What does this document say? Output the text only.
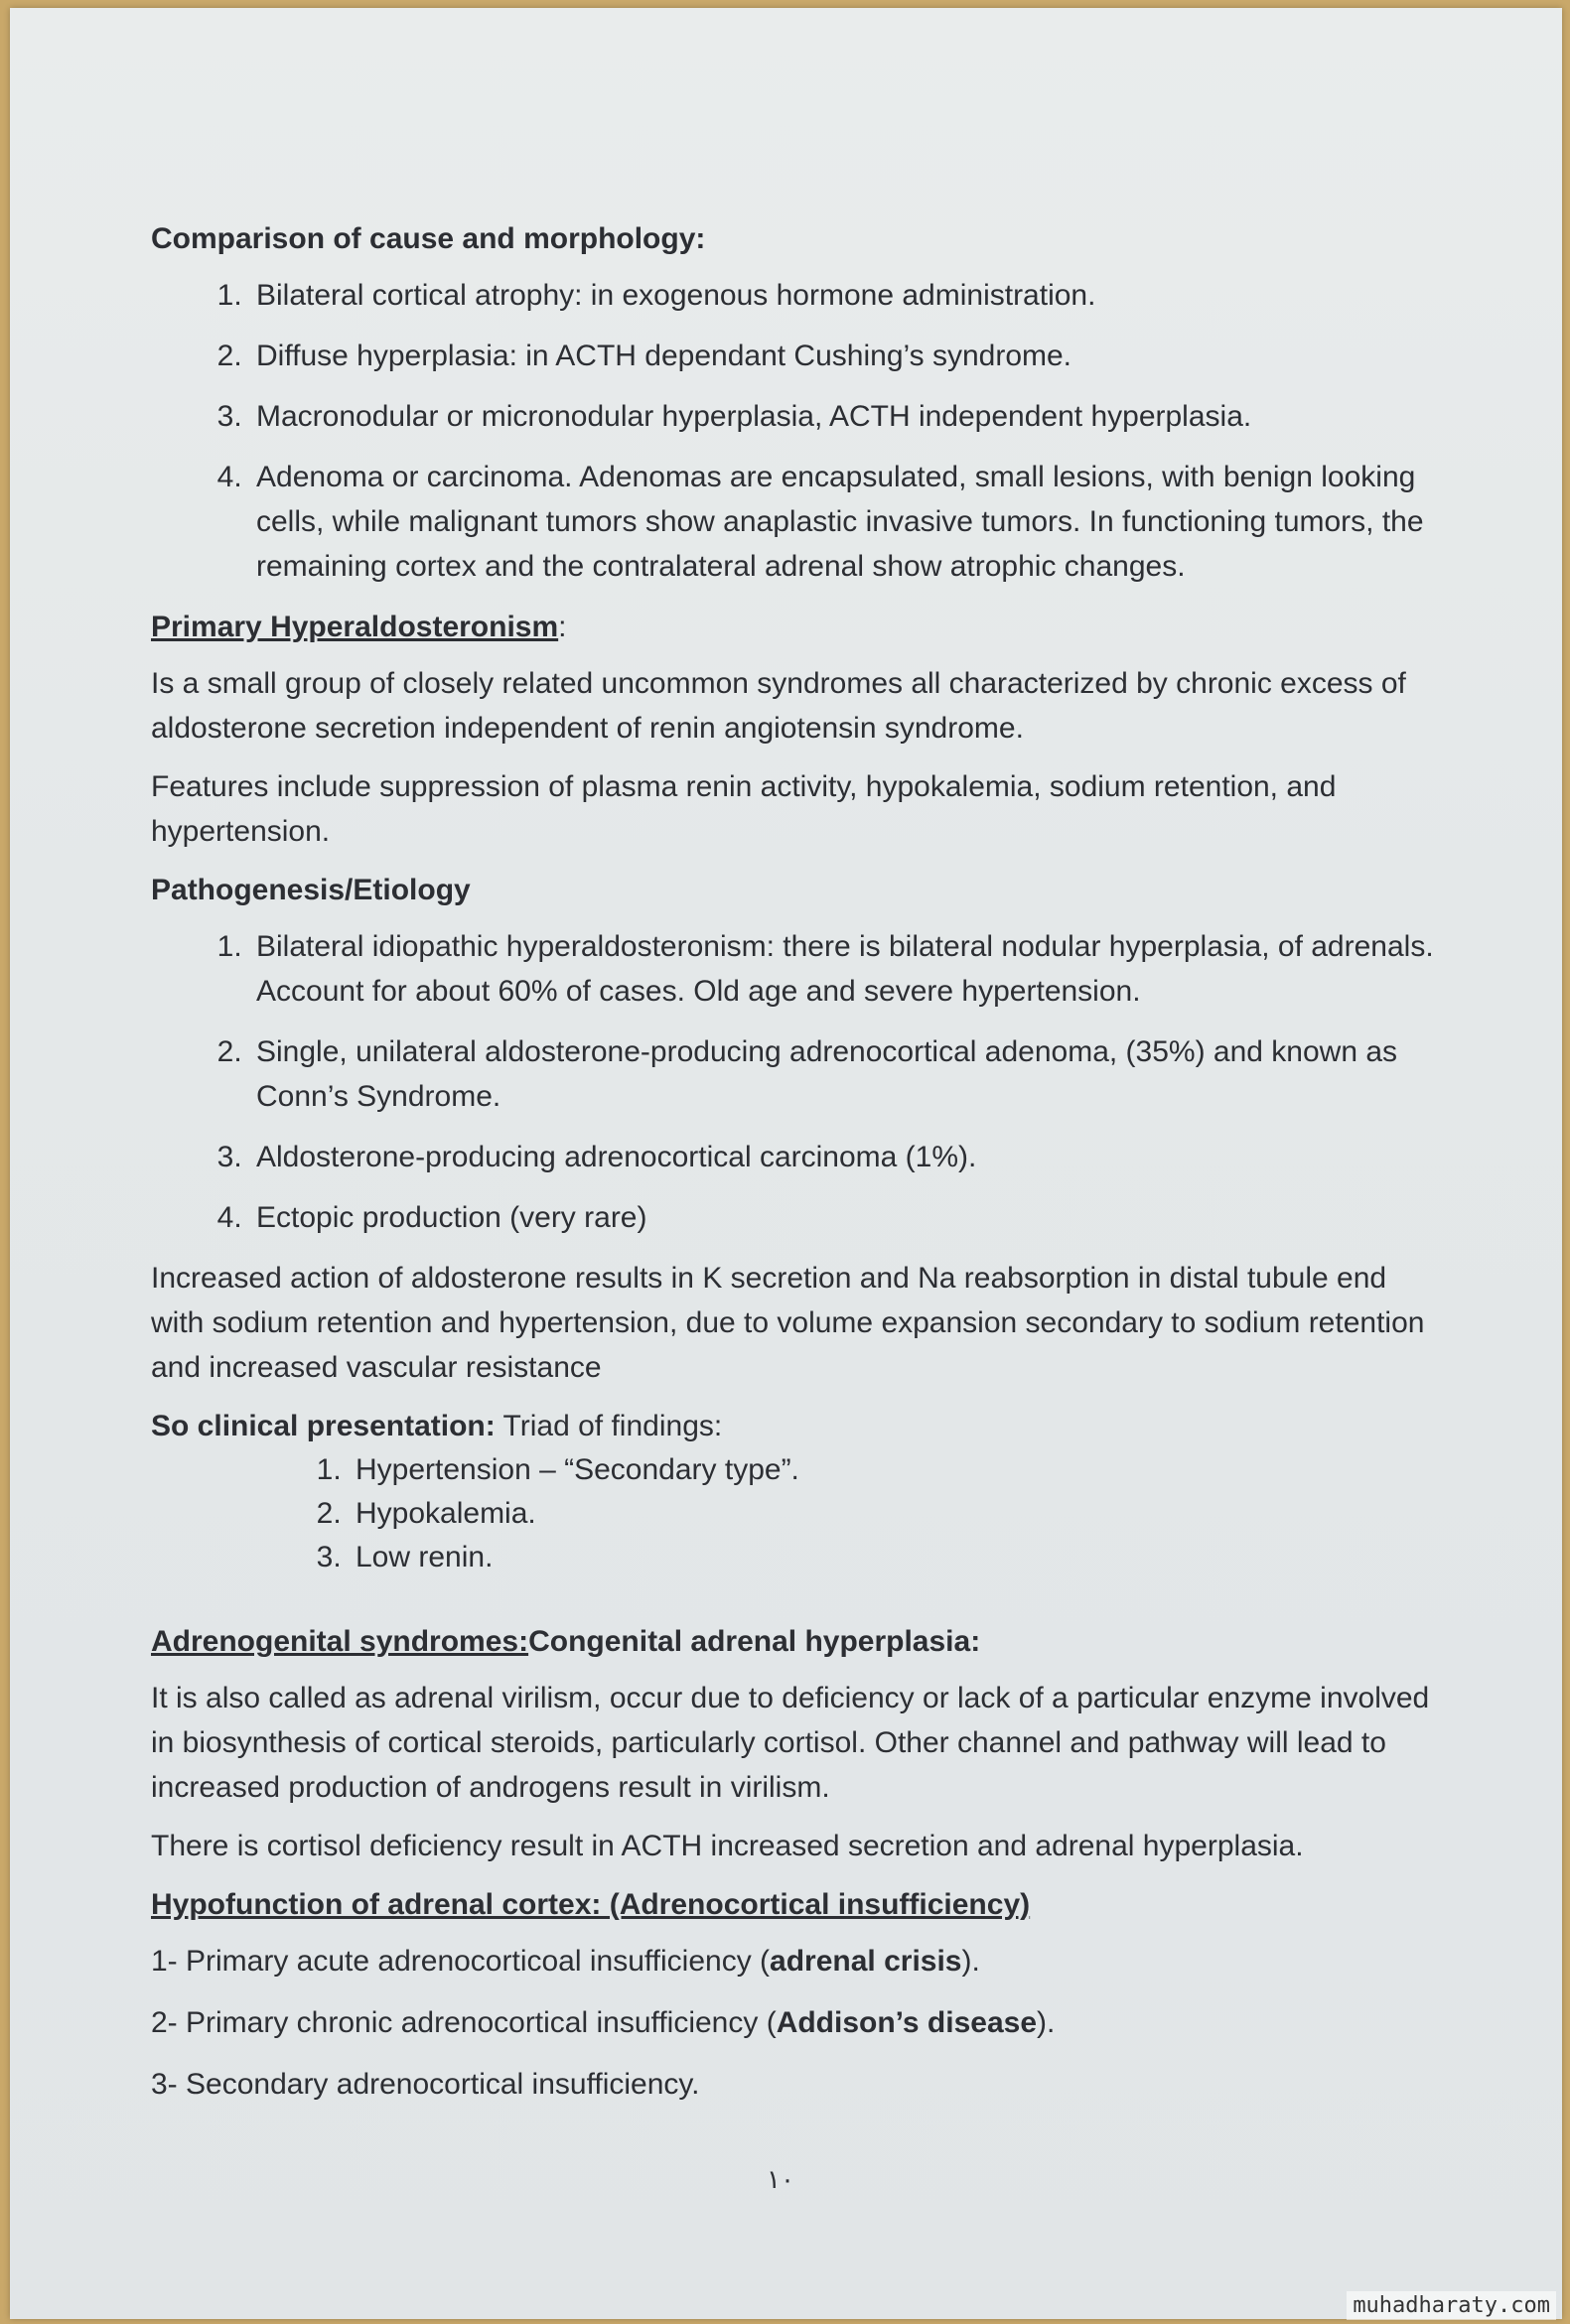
Comparison of cause and morphology:
1. Bilateral cortical atrophy: in exogenous hormone administration.
2. Diffuse hyperplasia: in ACTH dependant Cushing’s syndrome.
3. Macronodular or micronodular hyperplasia, ACTH independent hyperplasia.
4. Adenoma or carcinoma. Adenomas are encapsulated, small lesions, with benign looking cells, while malignant tumors show anaplastic invasive tumors. In functioning tumors, the remaining cortex and the contralateral adrenal show atrophic changes.
Primary Hyperaldosteronism:

Is a small group of closely related uncommon syndromes all characterized by chronic excess of aldosterone secretion independent of renin angiotensin syndrome.

Features include suppression of plasma renin activity, hypokalemia, sodium retention, and hypertension.

Pathogenesis/Etiology
1. Bilateral idiopathic hyperaldosteronism: there is bilateral nodular hyperplasia, of adrenals. Account for about 60% of cases. Old age and severe hypertension.
2. Single, unilateral aldosterone-producing adrenocortical adenoma, (35%) and known as Conn’s Syndrome.
3. Aldosterone-producing adrenocortical carcinoma (1%).
4. Ectopic production (very rare)

Increased action of aldosterone results in K secretion and Na reabsorption in distal tubule end with sodium retention and hypertension, due to volume expansion secondary to sodium retention and increased vascular resistance

So clinical presentation: Triad of findings:
1. Hypertension – “Secondary type”.
2. Hypokalemia.
3. Low renin.
Adrenogenital syndromes:Congenital adrenal hyperplasia:

It is also called as adrenal virilism, occur due to deficiency or lack of a particular enzyme involved in biosynthesis of cortical steroids, particularly cortisol. Other channel and pathway will lead to increased production of androgens result in virilism.

There is cortisol deficiency result in ACTH increased secretion and adrenal hyperplasia.

Hypofunction of adrenal cortex: (Adrenocortical insufficiency)
1- Primary acute adrenocorticoal insufficiency (adrenal crisis).
2- Primary chronic adrenocortical insufficiency (Addison’s disease).
3- Secondary adrenocortical insufficiency.
١٠
muhadharaty.com
